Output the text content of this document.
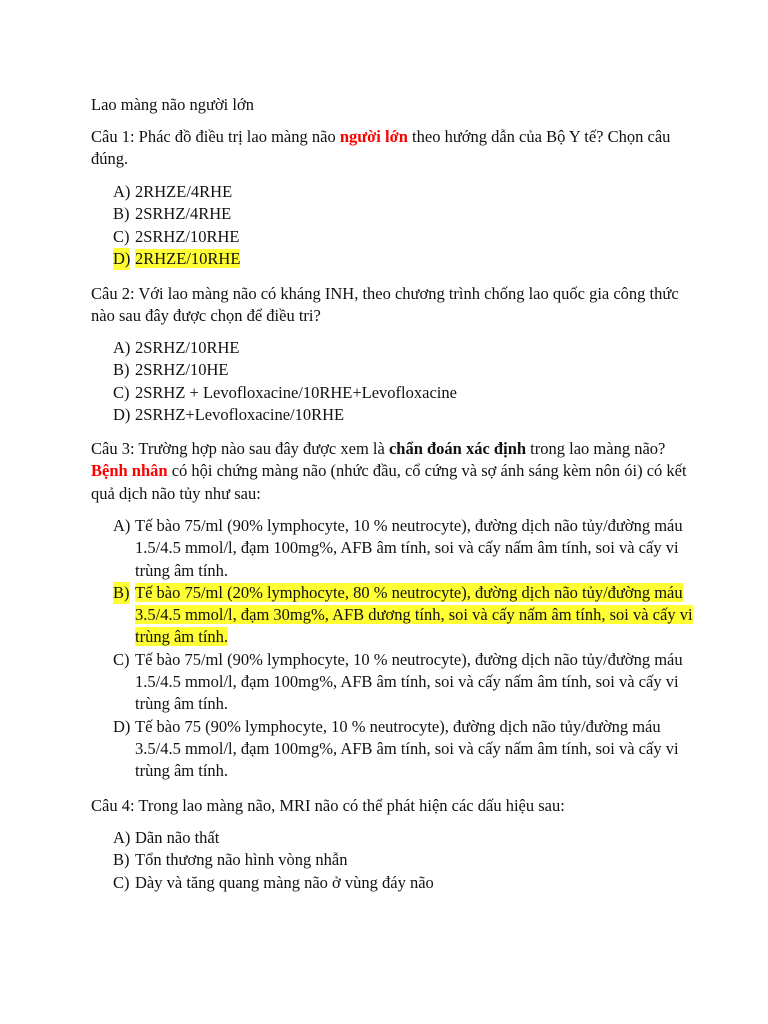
Lao màng não người lớn

Câu 1: Phác đồ điều trị lao màng não người lớn theo hướng dẫn của Bộ Y tế? Chọn câu đúng.

A) 2RHZE/4RHE
B) 2SRHZ/4RHE
C) 2SRHZ/10RHE
D) 2RHZE/10RHE

Câu 2: Với lao màng não có kháng INH, theo chương trình chống lao quốc gia công thức nào sau đây được chọn để điều tri?

A) 2SRHZ/10RHE
B) 2SRHZ/10HE
C) 2SRHZ + Levofloxacine/10RHE+Levofloxacine
D) 2SRHZ+Levofloxacine/10RHE

Câu 3: Trường hợp nào sau đây được xem là chẩn đoán xác định trong lao màng não? Bệnh nhân có hội chứng màng não (nhức đầu, cổ cứng và sợ ánh sáng kèm nôn ói) có kết quả dịch não tủy như sau:

A) Tế bào 75/ml (90% lymphocyte, 10 % neutrocyte), đường dịch não tủy/đường máu 1.5/4.5 mmol/l, đạm 100mg%, AFB âm tính, soi và cấy nấm âm tính, soi và cấy vi trùng âm tính.
B) Tế bào 75/ml (20% lymphocyte, 80 % neutrocyte), đường dịch não tủy/đường máu 3.5/4.5 mmol/l, đạm 30mg%, AFB dương tính, soi và cấy nấm âm tính, soi và cấy vi trùng âm tính.
C) Tế bào 75/ml (90% lymphocyte, 10 % neutrocyte), đường dịch não tủy/đường máu 1.5/4.5 mmol/l, đạm 100mg%, AFB âm tính, soi và cấy nấm âm tính, soi và cấy vi trùng âm tính.
D) Tế bào 75 (90% lymphocyte, 10 % neutrocyte), đường dịch não tủy/đường máu 3.5/4.5 mmol/l, đạm 100mg%, AFB âm tính, soi và cấy nấm âm tính, soi và cấy vi trùng âm tính.

Câu 4: Trong lao màng não, MRI não có thể phát hiện các dấu hiệu sau:

A) Dãn não thất
B) Tổn thương não hình vòng nhẫn
C) Dày và tăng quang màng não ở vùng đáy não
